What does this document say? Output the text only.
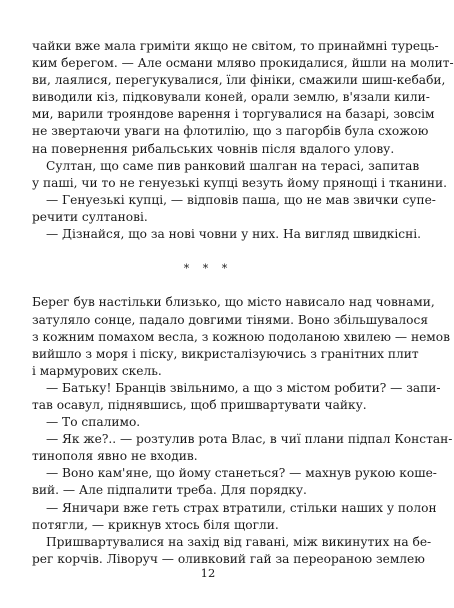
чайки вже мала гриміти якщо не світом, то принаймні турець-
ким берегом. — Але османи млявo прокидалися, йшли на молит-
ви, лаялися, перегукувалися, їли фініки, смажили шиш-кебаби,
виводили кіз, підковували коней, орали землю, в'язали кили-
ми, варили трояндове варення і торгувалися на базарі, зовсім
не звертаючи уваги на флотилію, що з пагорбів була схожою
на повернення рибальських човнів після вдалого улову.
Султан, що саме пив ранковий шалган на терасі, запитав
у паші, чи то не генуезькі купці везуть йому прянощі і тканини.
— Генуезькі купці, — відповів паша, що не мав звички супе-
речити султанові.
— Дізнайся, що за нові човни у них. На вигляд швидкісні.
* * *
Берег був настільки близько, що місто нависало над човнами,
затуляло сонце, падало довгими тінями. Воно збільшувалося
з кожним помахом весла, з кожною подоланою хвилею — немов
вийшло з моря і піску, викристалізуючись з гранітних плит
і мармурових скель.
— Батьку! Бранців звільнимо, а що з містом робити? — запи-
тав осавул, піднявшись, щоб пришвартувати чайку.
— То спалимо.
— Як же?.. — розтулив рота Влас, в чиї плани підпал Констан-
тинополя явно не входив.
— Воно кам'яне, що йому станеться? — махнув рукою коше-
вий. — Але підпалити треба. Для порядку.
— Яничари вже геть страх втратили, стільки наших у полон
потягли, — крикнув хтось біля щогли.
Пришвартувалися на захід від гавані, між викинутих на бе-
рег корчів. Ліворуч — оливковий гай за переораною землею
12
